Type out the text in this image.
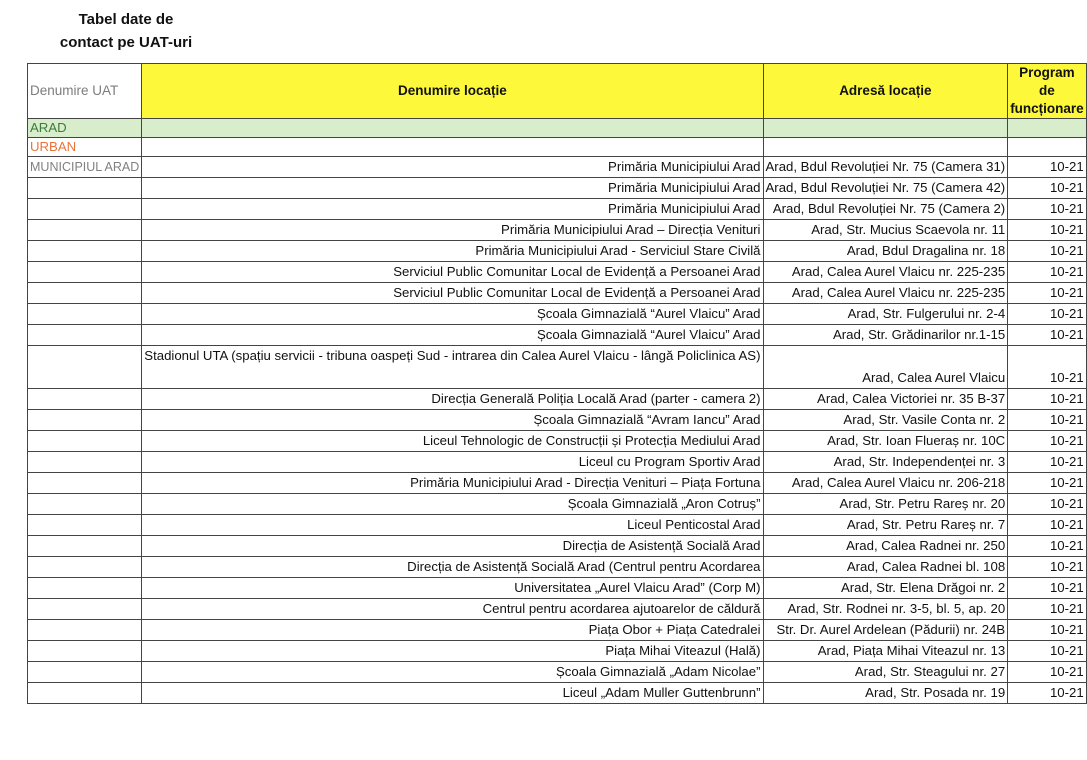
Tabel date de
contact pe UAT-uri
Denumire UAT	Denumire locație	Adresă locație	Program de funcționare
ARAD			
URBAN			
MUNICIPIUL ARAD	Primăria Municipiului Arad	Arad, Bdul Revoluției Nr. 75 (Camera 31)	10-21
	Primăria Municipiului Arad	Arad, Bdul Revoluției Nr. 75 (Camera 42)	10-21
	Primăria Municipiului Arad	Arad, Bdul Revoluției Nr. 75 (Camera 2)	10-21
	Primăria Municipiului Arad – Direcția Venituri	Arad, Str. Mucius Scaevola nr. 11	10-21
	Primăria Municipiului Arad - Serviciul Stare Civilă	Arad, Bdul Dragalina nr. 18	10-21
	Serviciul Public Comunitar Local de Evidență a Persoanei Arad	Arad, Calea Aurel Vlaicu nr. 225-235	10-21
	Serviciul Public Comunitar Local de Evidență a Persoanei Arad	Arad, Calea Aurel Vlaicu nr. 225-235	10-21
	Școala Gimnazială “Aurel Vlaicu” Arad	Arad, Str. Fulgerului nr. 2-4	10-21
	Școala Gimnazială “Aurel Vlaicu” Arad	Arad, Str. Grădinarilor nr.1-15	10-21
	Stadionul UTA (spațiu servicii - tribuna oaspeți Sud - intrarea din Calea Aurel Vlaicu - lângă Policlinica AS)	Arad, Calea Aurel Vlaicu	10-21
	Direcția Generală Poliția Locală Arad (parter - camera 2)	Arad, Calea Victoriei nr. 35 B-37	10-21
	Școala Gimnazială “Avram Iancu” Arad	Arad, Str. Vasile Conta nr. 2	10-21
	Liceul Tehnologic de Construcții și Protecția Mediului Arad	Arad, Str. Ioan Flueraș nr. 10C	10-21
	Liceul cu Program Sportiv Arad	Arad, Str. Independenței nr. 3	10-21
	Primăria Municipiului Arad - Direcția Venituri – Piața Fortuna	Arad, Calea Aurel Vlaicu nr. 206-218	10-21
	Școala Gimnazială „Aron Cotruș”	Arad, Str. Petru Rareș nr. 20	10-21
	Liceul Penticostal Arad	Arad, Str. Petru Rareș nr. 7	10-21
	Direcția de Asistență Socială Arad	Arad, Calea Radnei nr. 250	10-21
	Direcția de Asistență Socială Arad (Centrul pentru Acordarea	Arad, Calea Radnei bl. 108	10-21
	Universitatea „Aurel Vlaicu Arad” (Corp M)	Arad, Str. Elena Drăgoi nr. 2	10-21
	Centrul pentru acordarea ajutoarelor de căldură	Arad, Str. Rodnei nr. 3-5, bl. 5, ap. 20	10-21
	Piața Obor + Piața Catedralei	Str. Dr. Aurel Ardelean (Pădurii) nr. 24B	10-21
	Piața Mihai Viteazul (Hală)	Arad, Piața Mihai Viteazul nr. 13	10-21
	Școala Gimnazială „Adam Nicolae”	Arad, Str. Steagului nr. 27	10-21
	Liceul „Adam Muller Guttenbrunn”	Arad, Str. Posada nr. 19	10-21
